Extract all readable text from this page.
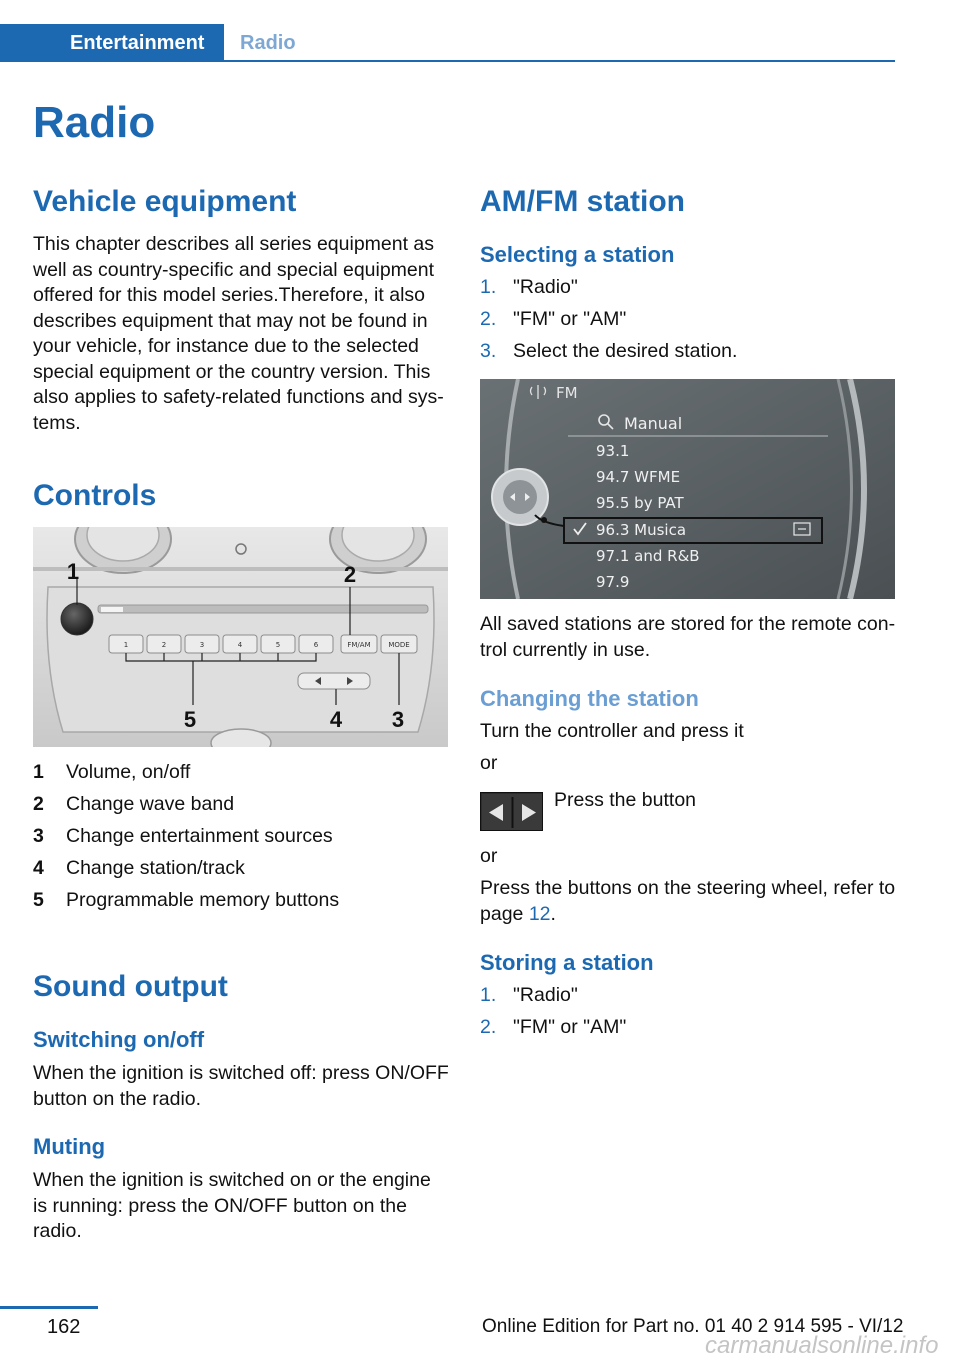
Entertainment	Radio
Radio
Vehicle equipment
This chapter describes all series equipment as
well as country-specific and special equipment
offered for this model series.Therefore, it also
describes equipment that may not be found in
your vehicle, for instance due to the selected
special equipment or the country version. This
also applies to safety-related functions and sys-
tems.
Controls
1	2	3	4	5	6	FM/AM	MODE
1	2
5	4 3
1 Volume, on/off
2 Change wave band
3 Change entertainment sources
4 Change station/track
5 Programmable memory buttons
Sound output
Switching on/off
When the ignition is switched off: press ON/OFF
button on the radio.
Muting
When the ignition is switched on or the engine
is running: press the ON/OFF button on the
radio.
AM/FM station
Selecting a station
1. "Radio"
2. "FM" or "AM"
3. Select the desired station.
FM
Manual
93.1
94.7 WFME
95.5 by PAT
96.3 Musica
97.1 and R&B
97.9
All saved stations are stored for the remote con-
trol currently in use.
Changing the station
Turn the controller and press it
or
Press the button
or
Press the buttons on the steering wheel, refer to
page 12.
Storing a station
1. "Radio"
2. "FM" or "AM"
162	Online Edition for Part no. 01 40 2 914 595 - VI/12
carmanualsonline.info
